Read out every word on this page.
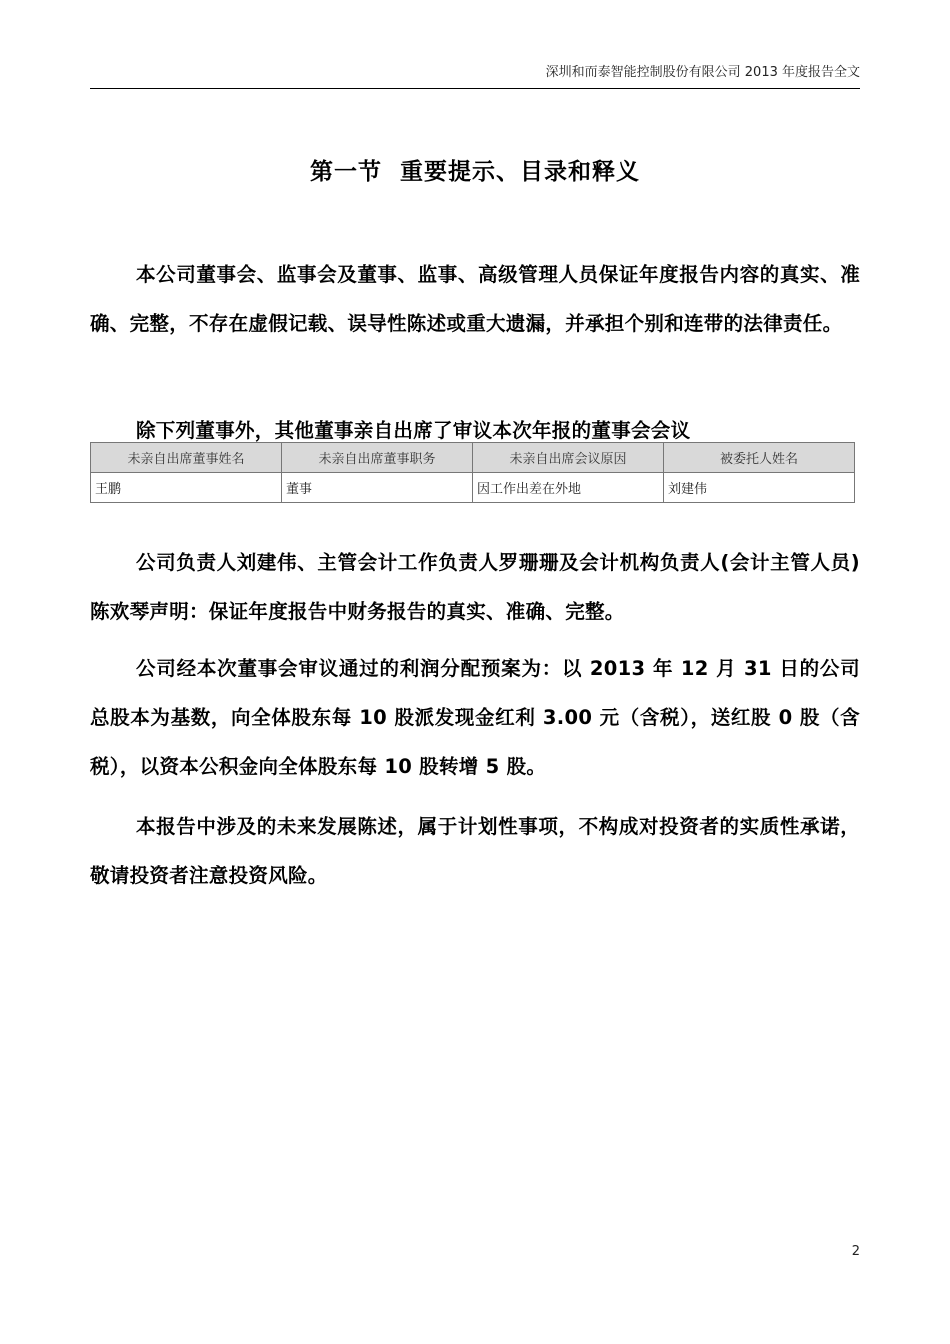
深圳和而泰智能控制股份有限公司 2013 年度报告全文
第一节  重要提示、目录和释义

本公司董事会、监事会及董事、监事、高级管理人员保证年度报告内容的真实、准确、完整，不存在虚假记载、误导性陈述或重大遗漏，并承担个别和连带的法律责任。

除下列董事外，其他董事亲自出席了审议本次年报的董事会会议

未亲自出席董事姓名	未亲自出席董事职务	未亲自出席会议原因	被委托人姓名
王鹏	董事	因工作出差在外地	刘建伟

公司负责人刘建伟、主管会计工作负责人罗珊珊及会计机构负责人(会计主管人员)陈欢琴声明：保证年度报告中财务报告的真实、准确、完整。

公司经本次董事会审议通过的利润分配预案为：以 2013 年 12 月 31 日的公司总股本为基数，向全体股东每 10 股派发现金红利 3.00 元（含税），送红股 0 股（含税），以资本公积金向全体股东每 10 股转增 5 股。

本报告中涉及的未来发展陈述，属于计划性事项，不构成对投资者的实质性承诺，敬请投资者注意投资风险。

2
